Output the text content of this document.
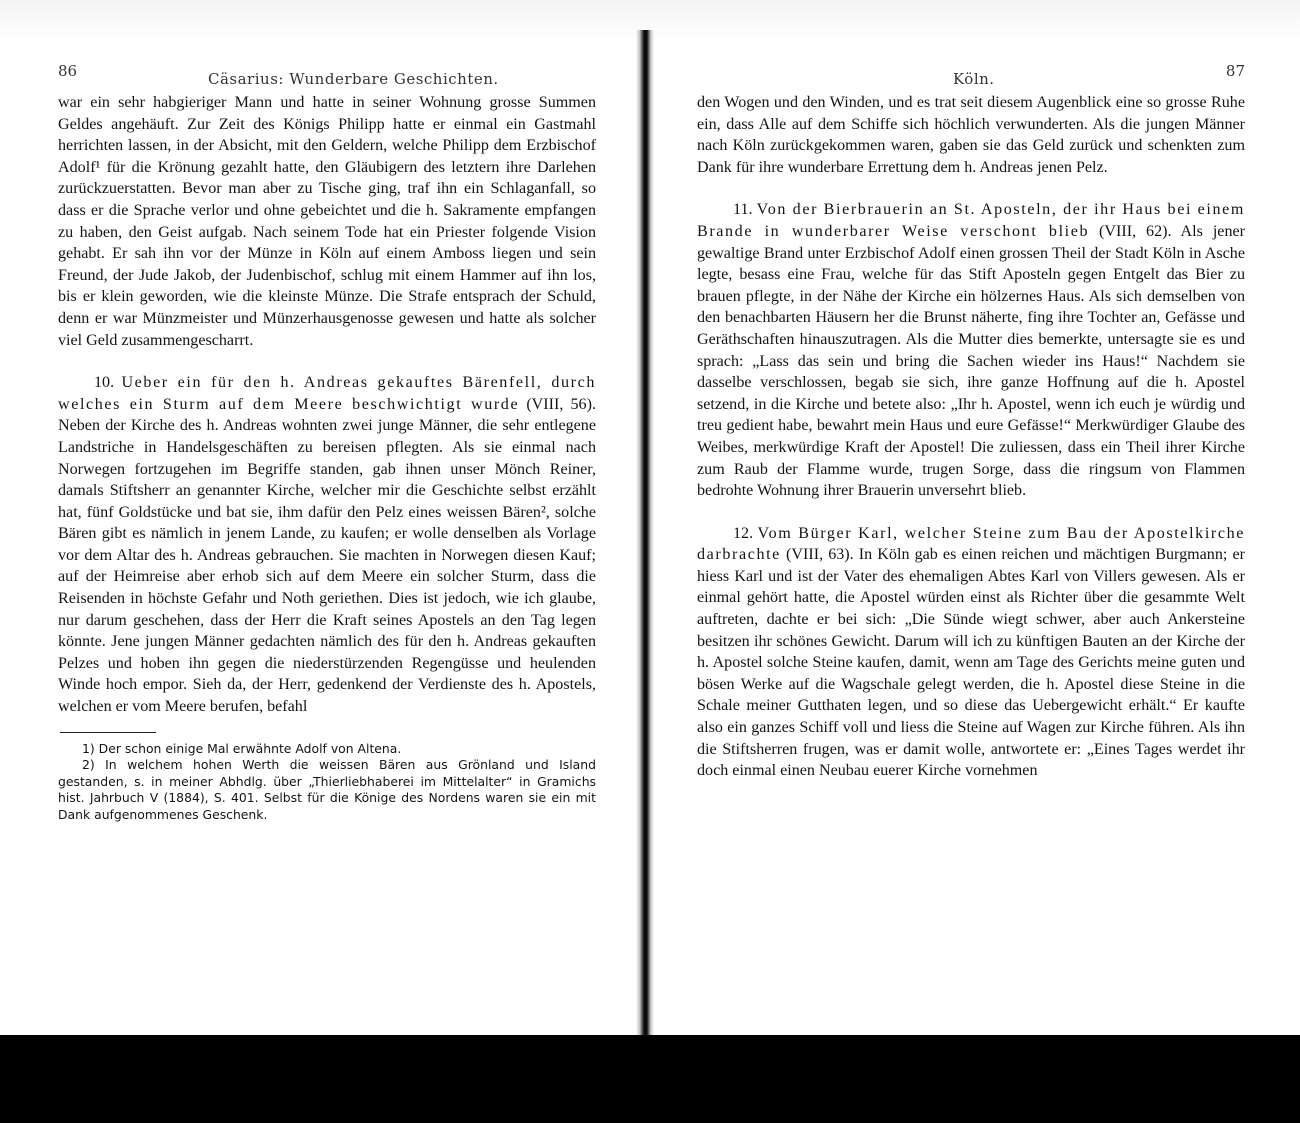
86	Cäsarius: Wunderbare Geschichten.

war ein sehr habgieriger Mann und hatte in seiner Wohnung grosse Summen Geldes angehäuft. Zur Zeit des Königs Philipp hatte er einmal ein Gastmahl herrichten lassen, in der Absicht, mit den Geldern, welche Philipp dem Erzbischof Adolf¹ für die Krönung gezahlt hatte, den Gläubigern des letztern ihre Darlehen zurückzuerstatten. Bevor man aber zu Tische ging, traf ihn ein Schlaganfall, so dass er die Sprache verlor und ohne gebeichtet und die h. Sakramente empfangen zu haben, den Geist aufgab. Nach seinem Tode hat ein Priester folgende Vision gehabt. Er sah ihn vor der Münze in Köln auf einem Amboss liegen und sein Freund, der Jude Jakob, der Judenbischof, schlug mit einem Hammer auf ihn los, bis er klein geworden, wie die kleinste Münze. Die Strafe entsprach der Schuld, denn er war Münzmeister und Münzerhausgenosse gewesen und hatte als solcher viel Geld zusammengescharrt.

10. Ueber ein für den h. Andreas gekauftes Bärenfell, durch welches ein Sturm auf dem Meere beschwichtigt wurde (VIII, 56). Neben der Kirche des h. Andreas wohnten zwei junge Männer, die sehr entlegene Landstriche in Handelsgeschäften zu bereisen pflegten. Als sie einmal nach Norwegen fortzugehen im Begriffe standen, gab ihnen unser Mönch Reiner, damals Stiftsherr an genannter Kirche, welcher mir die Geschichte selbst erzählt hat, fünf Goldstücke und bat sie, ihm dafür den Pelz eines weissen Bären², solche Bären gibt es nämlich in jenem Lande, zu kaufen; er wolle denselben als Vorlage vor dem Altar des h. Andreas gebrauchen. Sie machten in Norwegen diesen Kauf; auf der Heimreise aber erhob sich auf dem Meere ein solcher Sturm, dass die Reisenden in höchste Gefahr und Noth geriethen. Dies ist jedoch, wie ich glaube, nur darum geschehen, dass der Herr die Kraft seines Apostels an den Tag legen könnte. Jene jungen Männer gedachten nämlich des für den h. Andreas gekauften Pelzes und hoben ihn gegen die niederstürzenden Regengüsse und heulenden Winde hoch empor. Sieh da, der Herr, gedenkend der Verdienste des h. Apostels, welchen er vom Meere berufen, befahl

1) Der schon einige Mal erwähnte Adolf von Altena.

2) In welchem hohen Werth die weissen Bären aus Grönland und Island gestanden, s. in meiner Abhdlg. über „Thierliebhaberei im Mittelalter“ in Gramichs hist. Jahrbuch V (1884), S. 401. Selbst für die Könige des Nordens waren sie ein mit Dank aufgenommenes Geschenk.

Köln.	87

den Wogen und den Winden, und es trat seit diesem Augenblick eine so grosse Ruhe ein, dass Alle auf dem Schiffe sich höchlich verwunderten. Als die jungen Männer nach Köln zurückgekommen waren, gaben sie das Geld zurück und schenkten zum Dank für ihre wunderbare Errettung dem h. Andreas jenen Pelz.

11. Von der Bierbrauerin an St. Aposteln, der ihr Haus bei einem Brande in wunderbarer Weise verschont blieb (VIII, 62). Als jener gewaltige Brand unter Erzbischof Adolf einen grossen Theil der Stadt Köln in Asche legte, besass eine Frau, welche für das Stift Aposteln gegen Entgelt das Bier zu brauen pflegte, in der Nähe der Kirche ein hölzernes Haus. Als sich demselben von den benachbarten Häusern her die Brunst näherte, fing ihre Tochter an, Gefässe und Geräthschaften hinauszutragen. Als die Mutter dies bemerkte, untersagte sie es und sprach: „Lass das sein und bring die Sachen wieder ins Haus!“ Nachdem sie dasselbe verschlossen, begab sie sich, ihre ganze Hoffnung auf die h. Apostel setzend, in die Kirche und betete also: „Ihr h. Apostel, wenn ich euch je würdig und treu gedient habe, bewahrt mein Haus und eure Gefässe!“ Merkwürdiger Glaube des Weibes, merkwürdige Kraft der Apostel! Die zuliessen, dass ein Theil ihrer Kirche zum Raub der Flamme wurde, trugen Sorge, dass die ringsum von Flammen bedrohte Wohnung ihrer Brauerin unversehrt blieb.

12. Vom Bürger Karl, welcher Steine zum Bau der Apostelkirche darbrachte (VIII, 63). In Köln gab es einen reichen und mächtigen Burgmann; er hiess Karl und ist der Vater des ehemaligen Abtes Karl von Villers gewesen. Als er einmal gehört hatte, die Apostel würden einst als Richter über die gesammte Welt auftreten, dachte er bei sich: „Die Sünde wiegt schwer, aber auch Ankersteine besitzen ihr schönes Gewicht. Darum will ich zu künftigen Bauten an der Kirche der h. Apostel solche Steine kaufen, damit, wenn am Tage des Gerichts meine guten und bösen Werke auf die Wagschale gelegt werden, die h. Apostel diese Steine in die Schale meiner Gutthaten legen, und so diese das Uebergewicht erhält.“ Er kaufte also ein ganzes Schiff voll und liess die Steine auf Wagen zur Kirche führen. Als ihn die Stiftsherren frugen, was er damit wolle, antwortete er: „Eines Tages werdet ihr doch einmal einen Neubau euerer Kirche vornehmen
